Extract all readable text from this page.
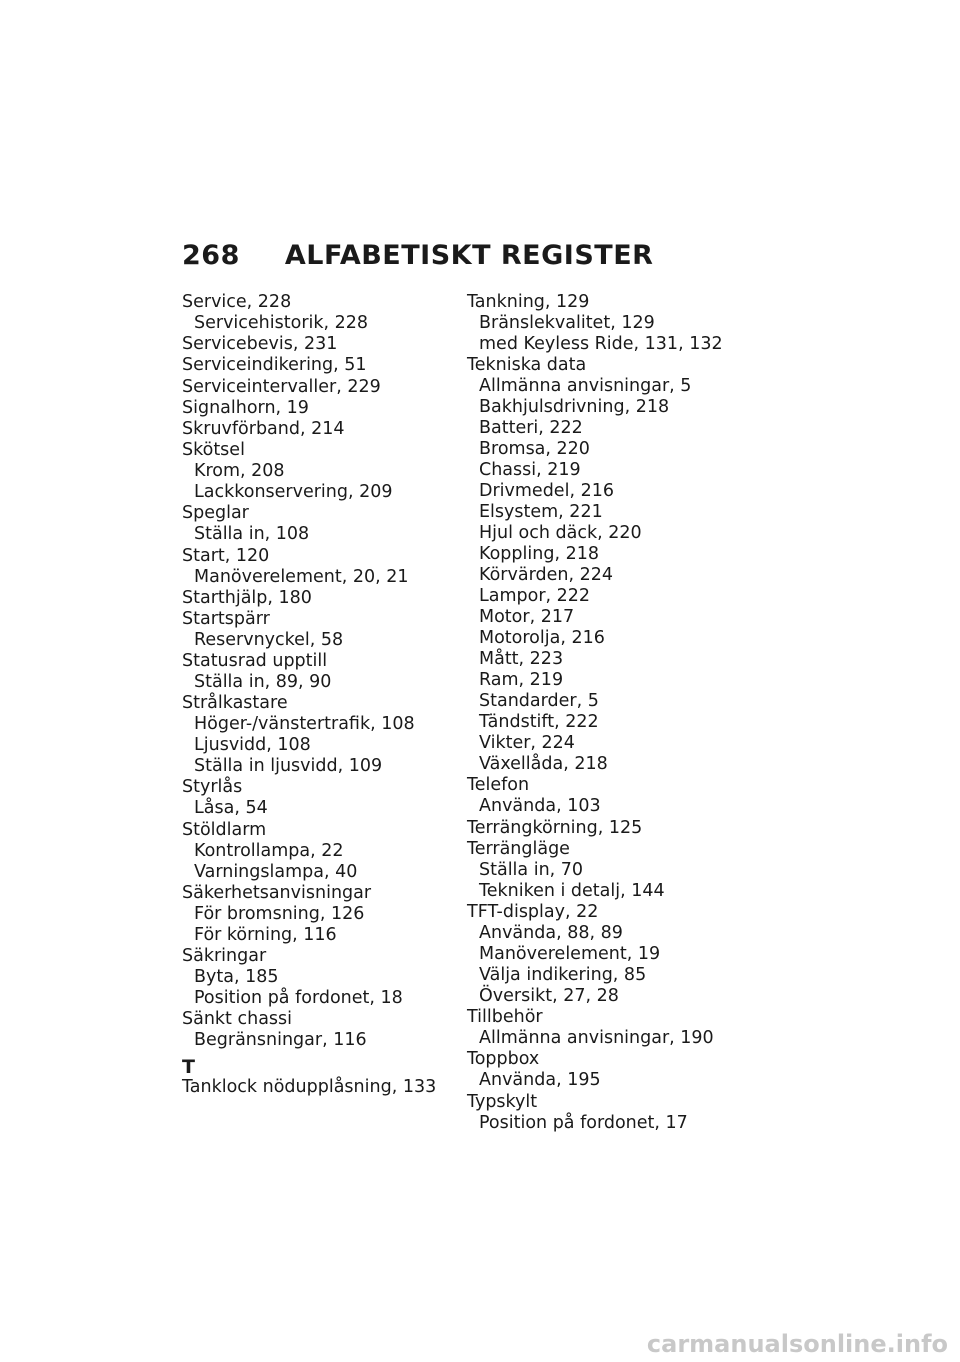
268 ALFABETISKT REGISTER
Service, 228
Servicehistorik, 228
Servicebevis, 231
Serviceindikering, 51
Serviceintervaller, 229
Signalhorn, 19
Skruvförband, 214
Skötsel
Krom, 208
Lackkonservering, 209
Speglar
Ställa in, 108
Start, 120
Manöverelement, 20, 21
Starthjälp, 180
Startspärr
Reservnyckel, 58
Statusrad upptill
Ställa in, 89, 90
Strålkastare
Höger-/vänstertrafik, 108
Ljusvidd, 108
Ställa in ljusvidd, 109
Styrlås
Låsa, 54
Stöldlarm
Kontrollampa, 22
Varningslampa, 40
Säkerhetsanvisningar
För bromsning, 126
För körning, 116
Säkringar
Byta, 185
Position på fordonet, 18
Sänkt chassi
Begränsningar, 116
T
Tanklock nödupplåsning, 133
Tankning, 129
Bränslekvalitet, 129
med Keyless Ride, 131, 132
Tekniska data
Allmänna anvisningar, 5
Bakhjulsdrivning, 218
Batteri, 222
Bromsa, 220
Chassi, 219
Drivmedel, 216
Elsystem, 221
Hjul och däck, 220
Koppling, 218
Körvärden, 224
Lampor, 222
Motor, 217
Motorolja, 216
Mått, 223
Ram, 219
Standarder, 5
Tändstift, 222
Vikter, 224
Växellåda, 218
Telefon
Använda, 103
Terrängkörning, 125
Terrängläge
Ställa in, 70
Tekniken i detalj, 144
TFT-display, 22
Använda, 88, 89
Manöverelement, 19
Välja indikering, 85
Översikt, 27, 28
Tillbehör
Allmänna anvisningar, 190
Toppbox
Använda, 195
Typskylt
Position på fordonet, 17
carmanualsonline.info
